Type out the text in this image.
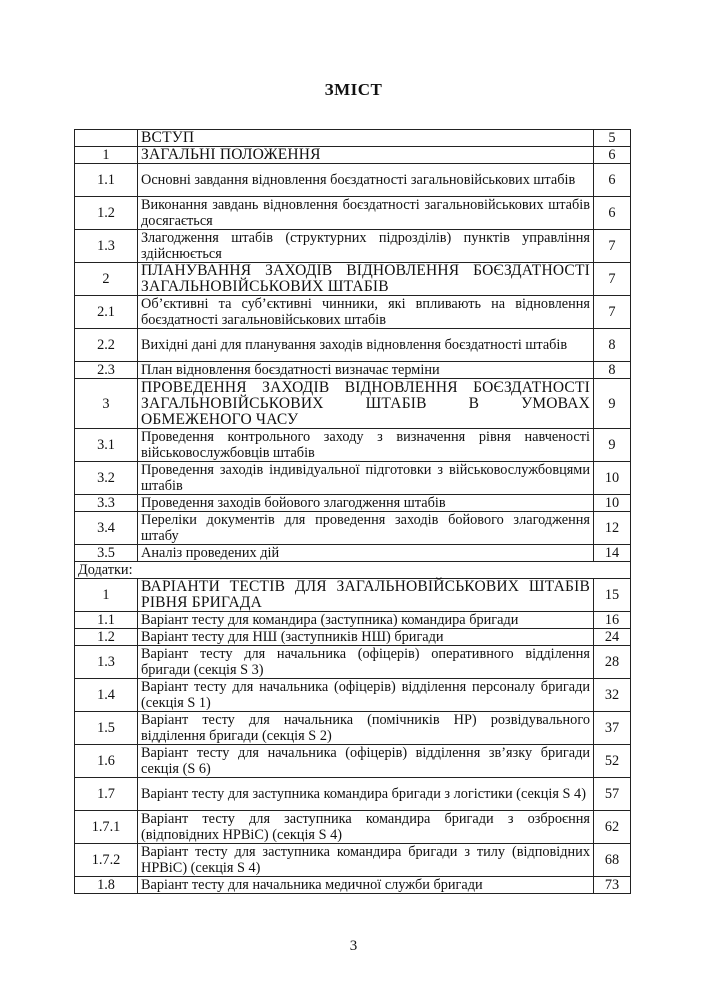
ЗМІСТ
	ВСТУП	5
1	ЗАГАЛЬНІ ПОЛОЖЕННЯ	6
1.1	Основні завдання відновлення боєздатності загальновійськових штабів	6
1.2	Виконання завдань відновлення боєздатності загальновійськових штабів досягається	6
1.3	Злагодження штабів (структурних підрозділів) пунктів управління здійснюється	7
2	ПЛАНУВАННЯ ЗАХОДІВ ВІДНОВЛЕННЯ БОЄЗДАТНОСТІ ЗАГАЛЬНОВІЙСЬКОВИХ ШТАБІВ	7
2.1	Об’єктивні та суб’єктивні чинники, які впливають на відновлення боєздатності загальновійськових штабів	7
2.2	Вихідні дані для планування заходів відновлення боєздатності штабів	8
2.3	План відновлення боєздатності визначає терміни	8
3	ПРОВЕДЕННЯ ЗАХОДІВ ВІДНОВЛЕННЯ БОЄЗДАТНОСТІ ЗАГАЛЬНОВІЙСЬКОВИХ ШТАБІВ В УМОВАХ ОБМЕЖЕНОГО ЧАСУ	9
3.1	Проведення контрольного заходу з визначення рівня навченості військовослужбовців штабів	9
3.2	Проведення заходів індивідуальної підготовки з військовослужбовцями штабів	10
3.3	Проведення заходів бойового злагодження штабів	10
3.4	Переліки документів для проведення заходів бойового злагодження штабу	12
3.5	Аналіз проведених дій	14
Додатки:		
1	ВАРІАНТИ ТЕСТІВ ДЛЯ ЗАГАЛЬНОВІЙСЬКОВИХ ШТАБІВ РІВНЯ БРИГАДА	15
1.1	Варіант тесту для командира (заступника) командира бригади	16
1.2	Варіант тесту для НШ (заступників НШ) бригади	24
1.3	Варіант тесту для начальника (офіцерів) оперативного відділення бригади (секція S 3)	28
1.4	Варіант тесту для начальника (офіцерів) відділення персоналу бригади (секція S 1)	32
1.5	Варіант тесту для начальника (помічників НР) розвідувального відділення бригади (секція S 2)	37
1.6	Варіант тесту для начальника (офіцерів) відділення зв’язку бригади секція (S 6)	52
1.7	Варіант тесту для заступника командира бригади з логістики (секція S 4)	57
1.7.1	Варіант тесту для заступника командира бригади з озброєння (відповідних НРВіС) (секція S 4)	62
1.7.2	Варіант тесту для заступника командира бригади з тилу (відповідних НРВіС) (секція S 4)	68
1.8	Варіант тесту для начальника медичної служби бригади	73
3
